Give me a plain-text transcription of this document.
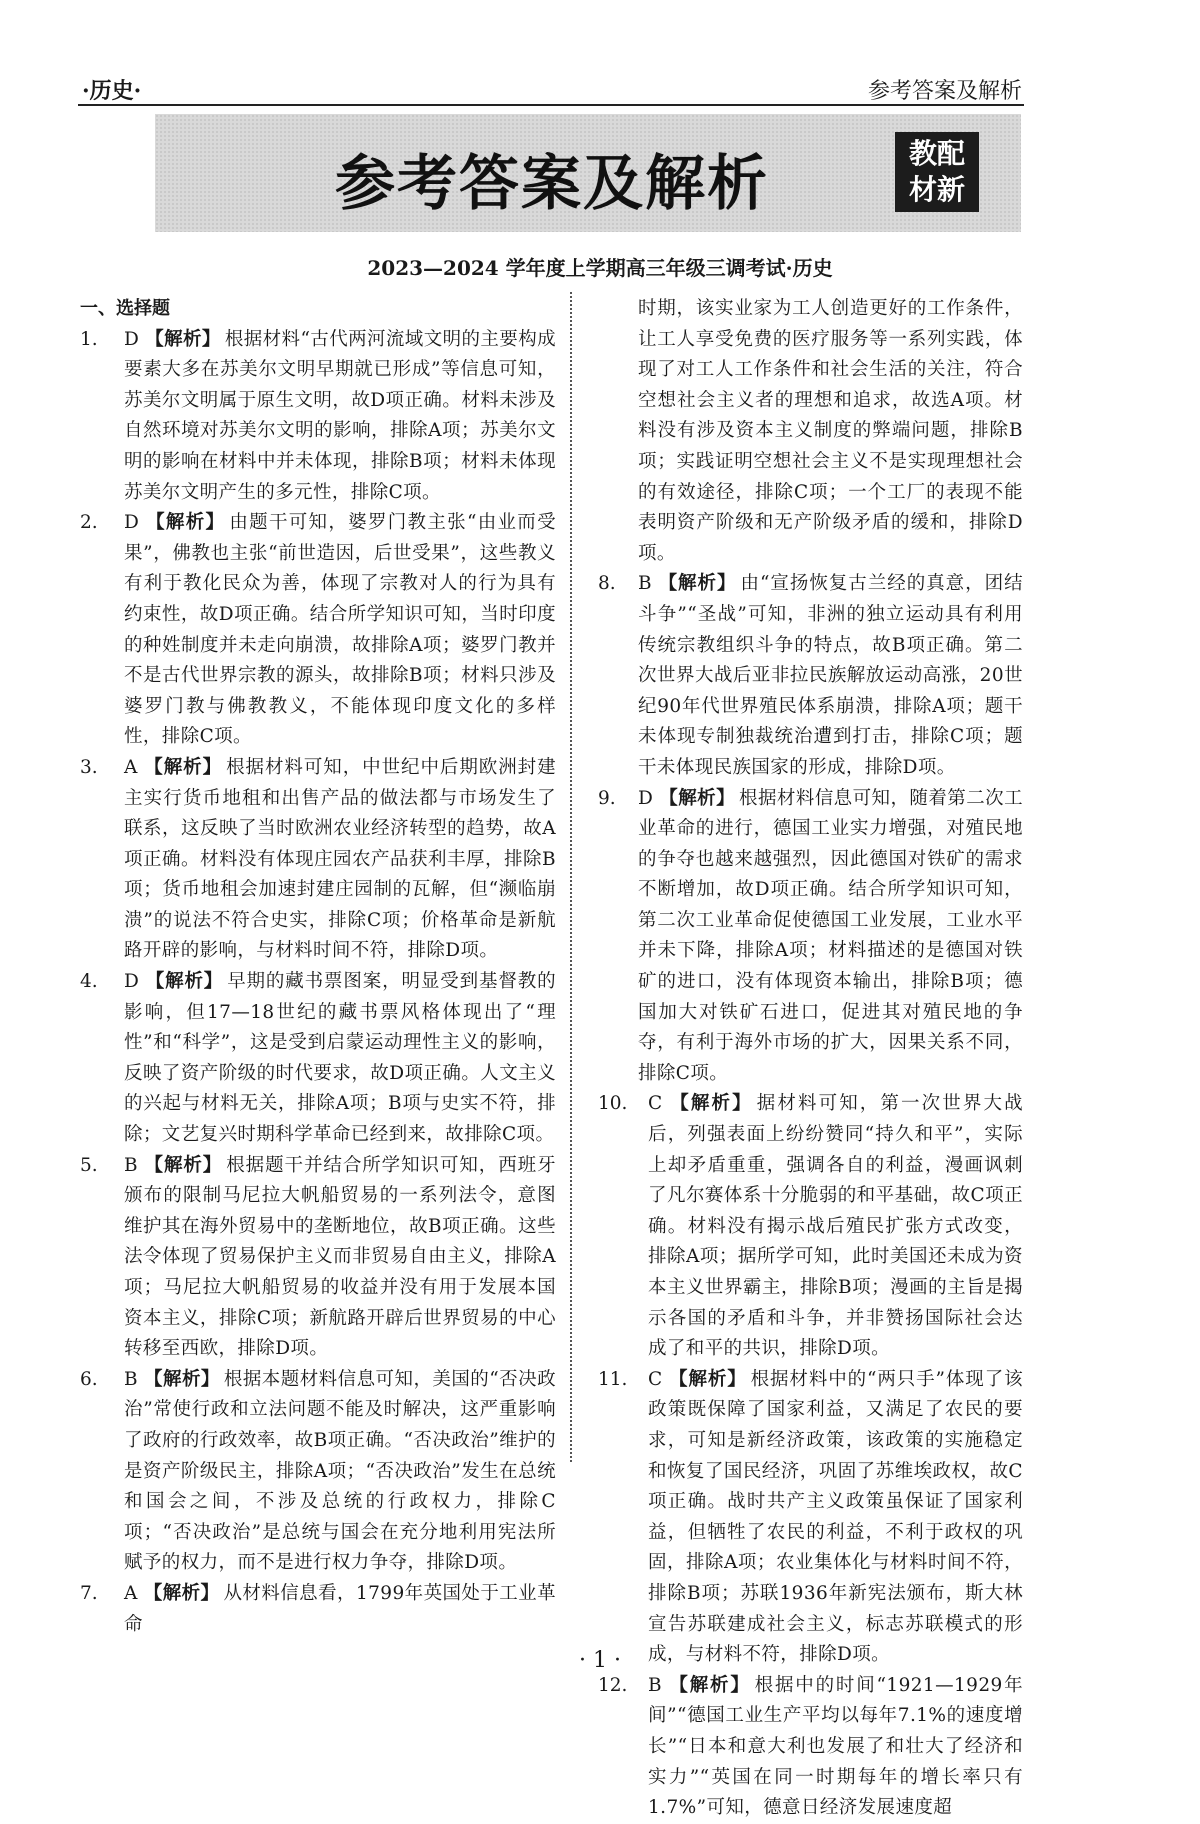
·历史·	参考答案及解析
参考答案及解析	教配
材新
2023—2024 学年度上学期高三年级三调考试·历史
一、选择题
1.	D 【解析】 根据材料“古代两河流域文明的主要构成要素大多在苏美尔文明早期就已形成”等信息可知，苏美尔文明属于原生文明，故D项正确。材料未涉及自然环境对苏美尔文明的影响，排除A项；苏美尔文明的影响在材料中并未体现，排除B项；材料未体现苏美尔文明产生的多元性，排除C项。
2.	D 【解析】 由题干可知，婆罗门教主张“由业而受果”，佛教也主张“前世造因，后世受果”，这些教义有利于教化民众为善，体现了宗教对人的行为具有约束性，故D项正确。结合所学知识可知，当时印度的种姓制度并未走向崩溃，故排除A项；婆罗门教并不是古代世界宗教的源头，故排除B项；材料只涉及婆罗门教与佛教教义，不能体现印度文化的多样性，排除C项。
3.	A 【解析】 根据材料可知，中世纪中后期欧洲封建主实行货币地租和出售产品的做法都与市场发生了联系，这反映了当时欧洲农业经济转型的趋势，故A项正确。材料没有体现庄园农产品获利丰厚，排除B项；货币地租会加速封建庄园制的瓦解，但“濒临崩溃”的说法不符合史实，排除C项；价格革命是新航路开辟的影响，与材料时间不符，排除D项。
4.	D 【解析】 早期的藏书票图案，明显受到基督教的影响，但17—18世纪的藏书票风格体现出了“理性”和“科学”，这是受到启蒙运动理性主义的影响，反映了资产阶级的时代要求，故D项正确。人文主义的兴起与材料无关，排除A项；B项与史实不符，排除；文艺复兴时期科学革命已经到来，故排除C项。
5.	B 【解析】 根据题干并结合所学知识可知，西班牙颁布的限制马尼拉大帆船贸易的一系列法令，意图维护其在海外贸易中的垄断地位，故B项正确。这些法令体现了贸易保护主义而非贸易自由主义，排除A项；马尼拉大帆船贸易的收益并没有用于发展本国资本主义，排除C项；新航路开辟后世界贸易的中心转移至西欧，排除D项。
6.	B 【解析】 根据本题材料信息可知，美国的“否决政治”常使行政和立法问题不能及时解决，这严重影响了政府的行政效率，故B项正确。“否决政治”维护的是资产阶级民主，排除A项；“否决政治”发生在总统和国会之间，不涉及总统的行政权力，排除C项；“否决政治”是总统与国会在充分地利用宪法所赋予的权力，而不是进行权力争夺，排除D项。
7.	A 【解析】 从材料信息看，1799年英国处于工业革命
时期，该实业家为工人创造更好的工作条件，让工人享受免费的医疗服务等一系列实践，体现了对工人工作条件和社会生活的关注，符合空想社会主义者的理想和追求，故选A项。材料没有涉及资本主义制度的弊端问题，排除B项；实践证明空想社会主义不是实现理想社会的有效途径，排除C项；一个工厂的表现不能表明资产阶级和无产阶级矛盾的缓和，排除D项。
8.	B 【解析】 由“宣扬恢复古兰经的真意，团结斗争”“圣战”可知，非洲的独立运动具有利用传统宗教组织斗争的特点，故B项正确。第二次世界大战后亚非拉民族解放运动高涨，20世纪90年代世界殖民体系崩溃，排除A项；题干未体现专制独裁统治遭到打击，排除C项；题干未体现民族国家的形成，排除D项。
9.	D 【解析】 根据材料信息可知，随着第二次工业革命的进行，德国工业实力增强，对殖民地的争夺也越来越强烈，因此德国对铁矿的需求不断增加，故D项正确。结合所学知识可知，第二次工业革命促使德国工业发展，工业水平并未下降，排除A项；材料描述的是德国对铁矿的进口，没有体现资本输出，排除B项；德国加大对铁矿石进口，促进其对殖民地的争夺，有利于海外市场的扩大，因果关系不同，排除C项。
10.	C 【解析】 据材料可知，第一次世界大战后，列强表面上纷纷赞同“持久和平”，实际上却矛盾重重，强调各自的利益，漫画讽刺了凡尔赛体系十分脆弱的和平基础，故C项正确。材料没有揭示战后殖民扩张方式改变，排除A项；据所学可知，此时美国还未成为资本主义世界霸主，排除B项；漫画的主旨是揭示各国的矛盾和斗争，并非赞扬国际社会达成了和平的共识，排除D项。
11.	C 【解析】 根据材料中的“两只手”体现了该政策既保障了国家利益，又满足了农民的要求，可知是新经济政策，该政策的实施稳定和恢复了国民经济，巩固了苏维埃政权，故C项正确。战时共产主义政策虽保证了国家利益，但牺牲了农民的利益，不利于政权的巩固，排除A项；农业集体化与材料时间不符，排除B项；苏联1936年新宪法颁布，斯大林宣告苏联建成社会主义，标志苏联模式的形成，与材料不符，排除D项。
12.	B 【解析】 根据中的时间“1921—1929年间”“德国工业生产平均以每年7.1%的速度增长”“日本和意大利也发展了和壮大了经济和实力”“英国在同一时期每年的增长率只有1.7%”可知，德意日经济发展速度超
· 1 ·
